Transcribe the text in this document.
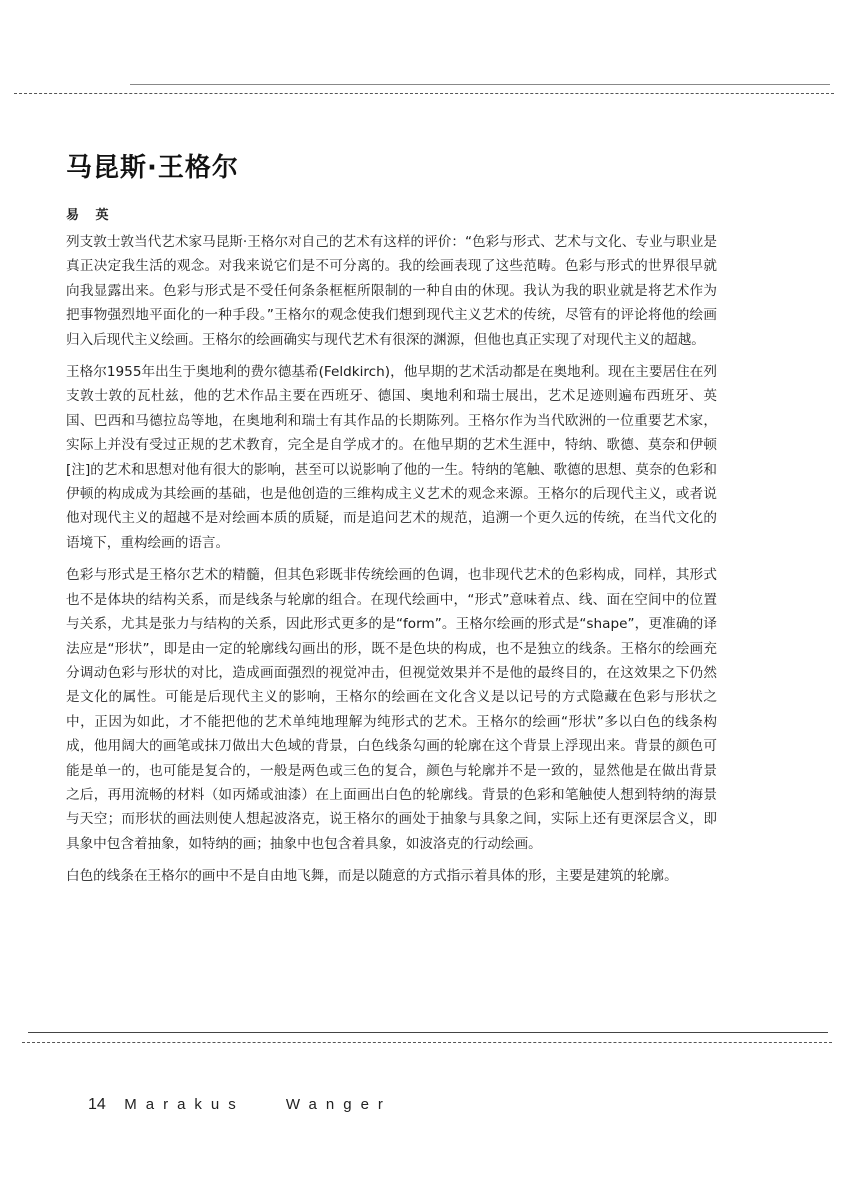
马昆斯·王格尔

易 英

列支敦士敦当代艺术家马昆斯·王格尔对自己的艺术有这样的评价：“色彩与形式、艺术与文化、专业与职业是真正决定我生活的观念。对我来说它们是不可分离的。我的绘画表现了这些范畴。色彩与形式的世界很早就向我显露出来。色彩与形式是不受任何条条框框所限制的一种自由的休现。我认为我的职业就是将艺术作为把事物强烈地平面化的一种手段。”王格尔的观念使我们想到现代主义艺术的传统，尽管有的评论将他的绘画归入后现代主义绘画。王格尔的绘画确实与现代艺术有很深的渊源，但他也真正实现了对现代主义的超越。

王格尔1955年出生于奥地利的费尔德基希(Feldkirch)，他早期的艺术活动都是在奥地利。现在主要居住在列支敦士敦的瓦杜兹，他的艺术作品主要在西班牙、德国、奥地利和瑞士展出，艺术足迹则遍布西班牙、英国、巴西和马德拉岛等地，在奥地利和瑞士有其作品的长期陈列。王格尔作为当代欧洲的一位重要艺术家，实际上并没有受过正规的艺术教育，完全是自学成才的。在他早期的艺术生涯中，特纳、歌德、莫奈和伊顿[注]的艺术和思想对他有很大的影响，甚至可以说影响了他的一生。特纳的笔触、歌德的思想、莫奈的色彩和伊顿的构成成为其绘画的基础，也是他创造的三维构成主义艺术的观念来源。王格尔的后现代主义，或者说他对现代主义的超越不是对绘画本质的质疑，而是追问艺术的规范，追溯一个更久远的传统，在当代文化的语境下，重构绘画的语言。

色彩与形式是王格尔艺术的精髓，但其色彩既非传统绘画的色调，也非现代艺术的色彩构成，同样，其形式也不是体块的结构关系，而是线条与轮廓的组合。在现代绘画中，“形式”意味着点、线、面在空间中的位置与关系，尤其是张力与结构的关系，因此形式更多的是“form”。王格尔绘画的形式是“shape”，更准确的译法应是“形状”，即是由一定的轮廓线勾画出的形，既不是色块的构成，也不是独立的线条。王格尔的绘画充分调动色彩与形状的对比，造成画面强烈的视觉冲击，但视觉效果并不是他的最终目的，在这效果之下仍然是文化的属性。可能是后现代主义的影响，王格尔的绘画在文化含义是以记号的方式隐藏在色彩与形状之中，正因为如此，才不能把他的艺术单纯地理解为纯形式的艺术。王格尔的绘画“形状”多以白色的线条构成，他用阔大的画笔或抹刀做出大色域的背景，白色线条勾画的轮廓在这个背景上浮现出来。背景的颜色可能是单一的，也可能是复合的，一般是两色或三色的复合，颜色与轮廓并不是一致的，显然他是在做出背景之后，再用流畅的材料（如丙烯或油漆）在上面画出白色的轮廓线。背景的色彩和笔触使人想到特纳的海景与天空；而形状的画法则使人想起波洛克，说王格尔的画处于抽象与具象之间，实际上还有更深层含义，即具象中包含着抽象，如特纳的画；抽象中也包含着具象，如波洛克的行动绘画。

白色的线条在王格尔的画中不是自由地飞舞，而是以随意的方式指示着具体的形，主要是建筑的轮廓。

14 Marakus Wanger
